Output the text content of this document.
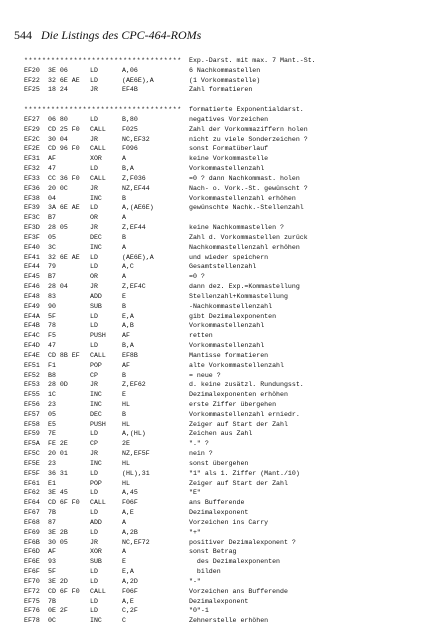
544 Die Listings des CPC-464-ROMs
*********************************** Exp.-Darst. mit max. 7 Mant.-St.
EF20 3E 06	LD	A,06	6 Nachkommastellen
EF22 32 6E AE LD	(AE6E),A	(1 Vorkommastelle)
EF25 18 24	JR	EF4B	Zahl formatieren
*********************************** formatierte Exponentialdarst.
EF27 06 80	LD	B,80	negatives Vorzeichen
EF29 CD 25 F0 CALL F025	Zahl der Vorkommaziffern holen
EF2C 30 04	JR	NC,EF32	nicht zu viele Sonderzeichen ?
EF2E CD 96 F0 CALL F096	sonst Formatüberlauf
EF31 AF	XOR	A	keine Vorkommastelle
EF32 47	LD	B,A	Vorkommastellenzahl
EF33 CC 36 F0 CALL Z,F036	=0 ? dann Nachkommast. holen
EF36 20 0C	JR	NZ,EF44	Nach- o. Vork.-St. gewünscht ?
EF38 04	INC	B	Vorkommastellenzahl erhöhen
EF39 3A 6E AE LD	A,(AE6E)	gewünschte Nachk.-Stellenzahl
EF3C B7	OR	A
EF3D 28 05	JR	Z,EF44	keine Nachkommastellen ?
EF3F 05	DEC	B	Zahl d. Vorkommastellen zurück
EF40 3C	INC	A	Nachkommastellenzahl erhöhen
EF41 32 6E AE LD	(AE6E),A	und wieder speichern
EF44 79	LD	A,C	Gesamtstellenzahl
EF45 B7	OR	A	=0 ?
EF46 28 04	JR	Z,EF4C	dann dez. Exp.=Kommastellung
EF48 83	ADD	E	Stellenzahl+Kommastellung
EF49 90	SUB	B	-Nachkommastellenzahl
EF4A 5F	LD	E,A	gibt Dezimalexponenten
EF4B 78	LD	A,B	Vorkommastellenzahl
EF4C F5	PUSH AF	retten
EF4D 47	LD	B,A	Vorkommastellenzahl
EF4E CD 8B EF CALL EF8B	Mantisse formatieren
EF51 F1	POP	AF	alte Vorkommastellenzahl
EF52 B8	CP	B	= neue ?
EF53 28 0D	JR	Z,EF62	d. keine zusätzl. Rundungsst.
EF55 1C	INC	E	Dezimalexponenten erhöhen
EF56 23	INC	HL	erste Ziffer übergehen
EF57 05	DEC	B	Vorkommastellenzahl erniedr.
EF58 E5	PUSH HL	Zeiger auf Start der Zahl
EF59 7E	LD	A,(HL)	Zeichen aus Zahl
EF5A FE 2E	CP	2E	"." ?
EF5C 20 01	JR	NZ,EF5F	nein ?
EF5E 23	INC	HL	sonst übergehen
EF5F 36 31	LD	(HL),31	"1" als 1. Ziffer (Mant./10)
EF61 E1	POP	HL	Zeiger auf Start der Zahl
EF62 3E 45	LD	A,45	"E"
EF64 CD 6F F0 CALL F06F	ans Bufferende
EF67 7B	LD	A,E	Dezimalexponent
EF68 87	ADD	A	Vorzeichen ins Carry
EF69 3E 2B	LD	A,2B	"+"
EF6B 30 05	JR	NC,EF72	positiver Dezimalexponent ?
EF6D AF	XOR	A	sonst Betrag
EF6E 93	SUB	E	des Dezimalexponenten
EF6F 5F	LD	E,A	bilden
EF70 3E 2D	LD	A,2D	"-"
EF72 CD 6F F0 CALL F06F	Vorzeichen ans Bufferende
EF75 7B	LD	A,E	Dezimalexponent
EF76 0E 2F	LD	C,2F	"0"-1
EF78 0C	INC	C	Zehnerstelle erhöhen
